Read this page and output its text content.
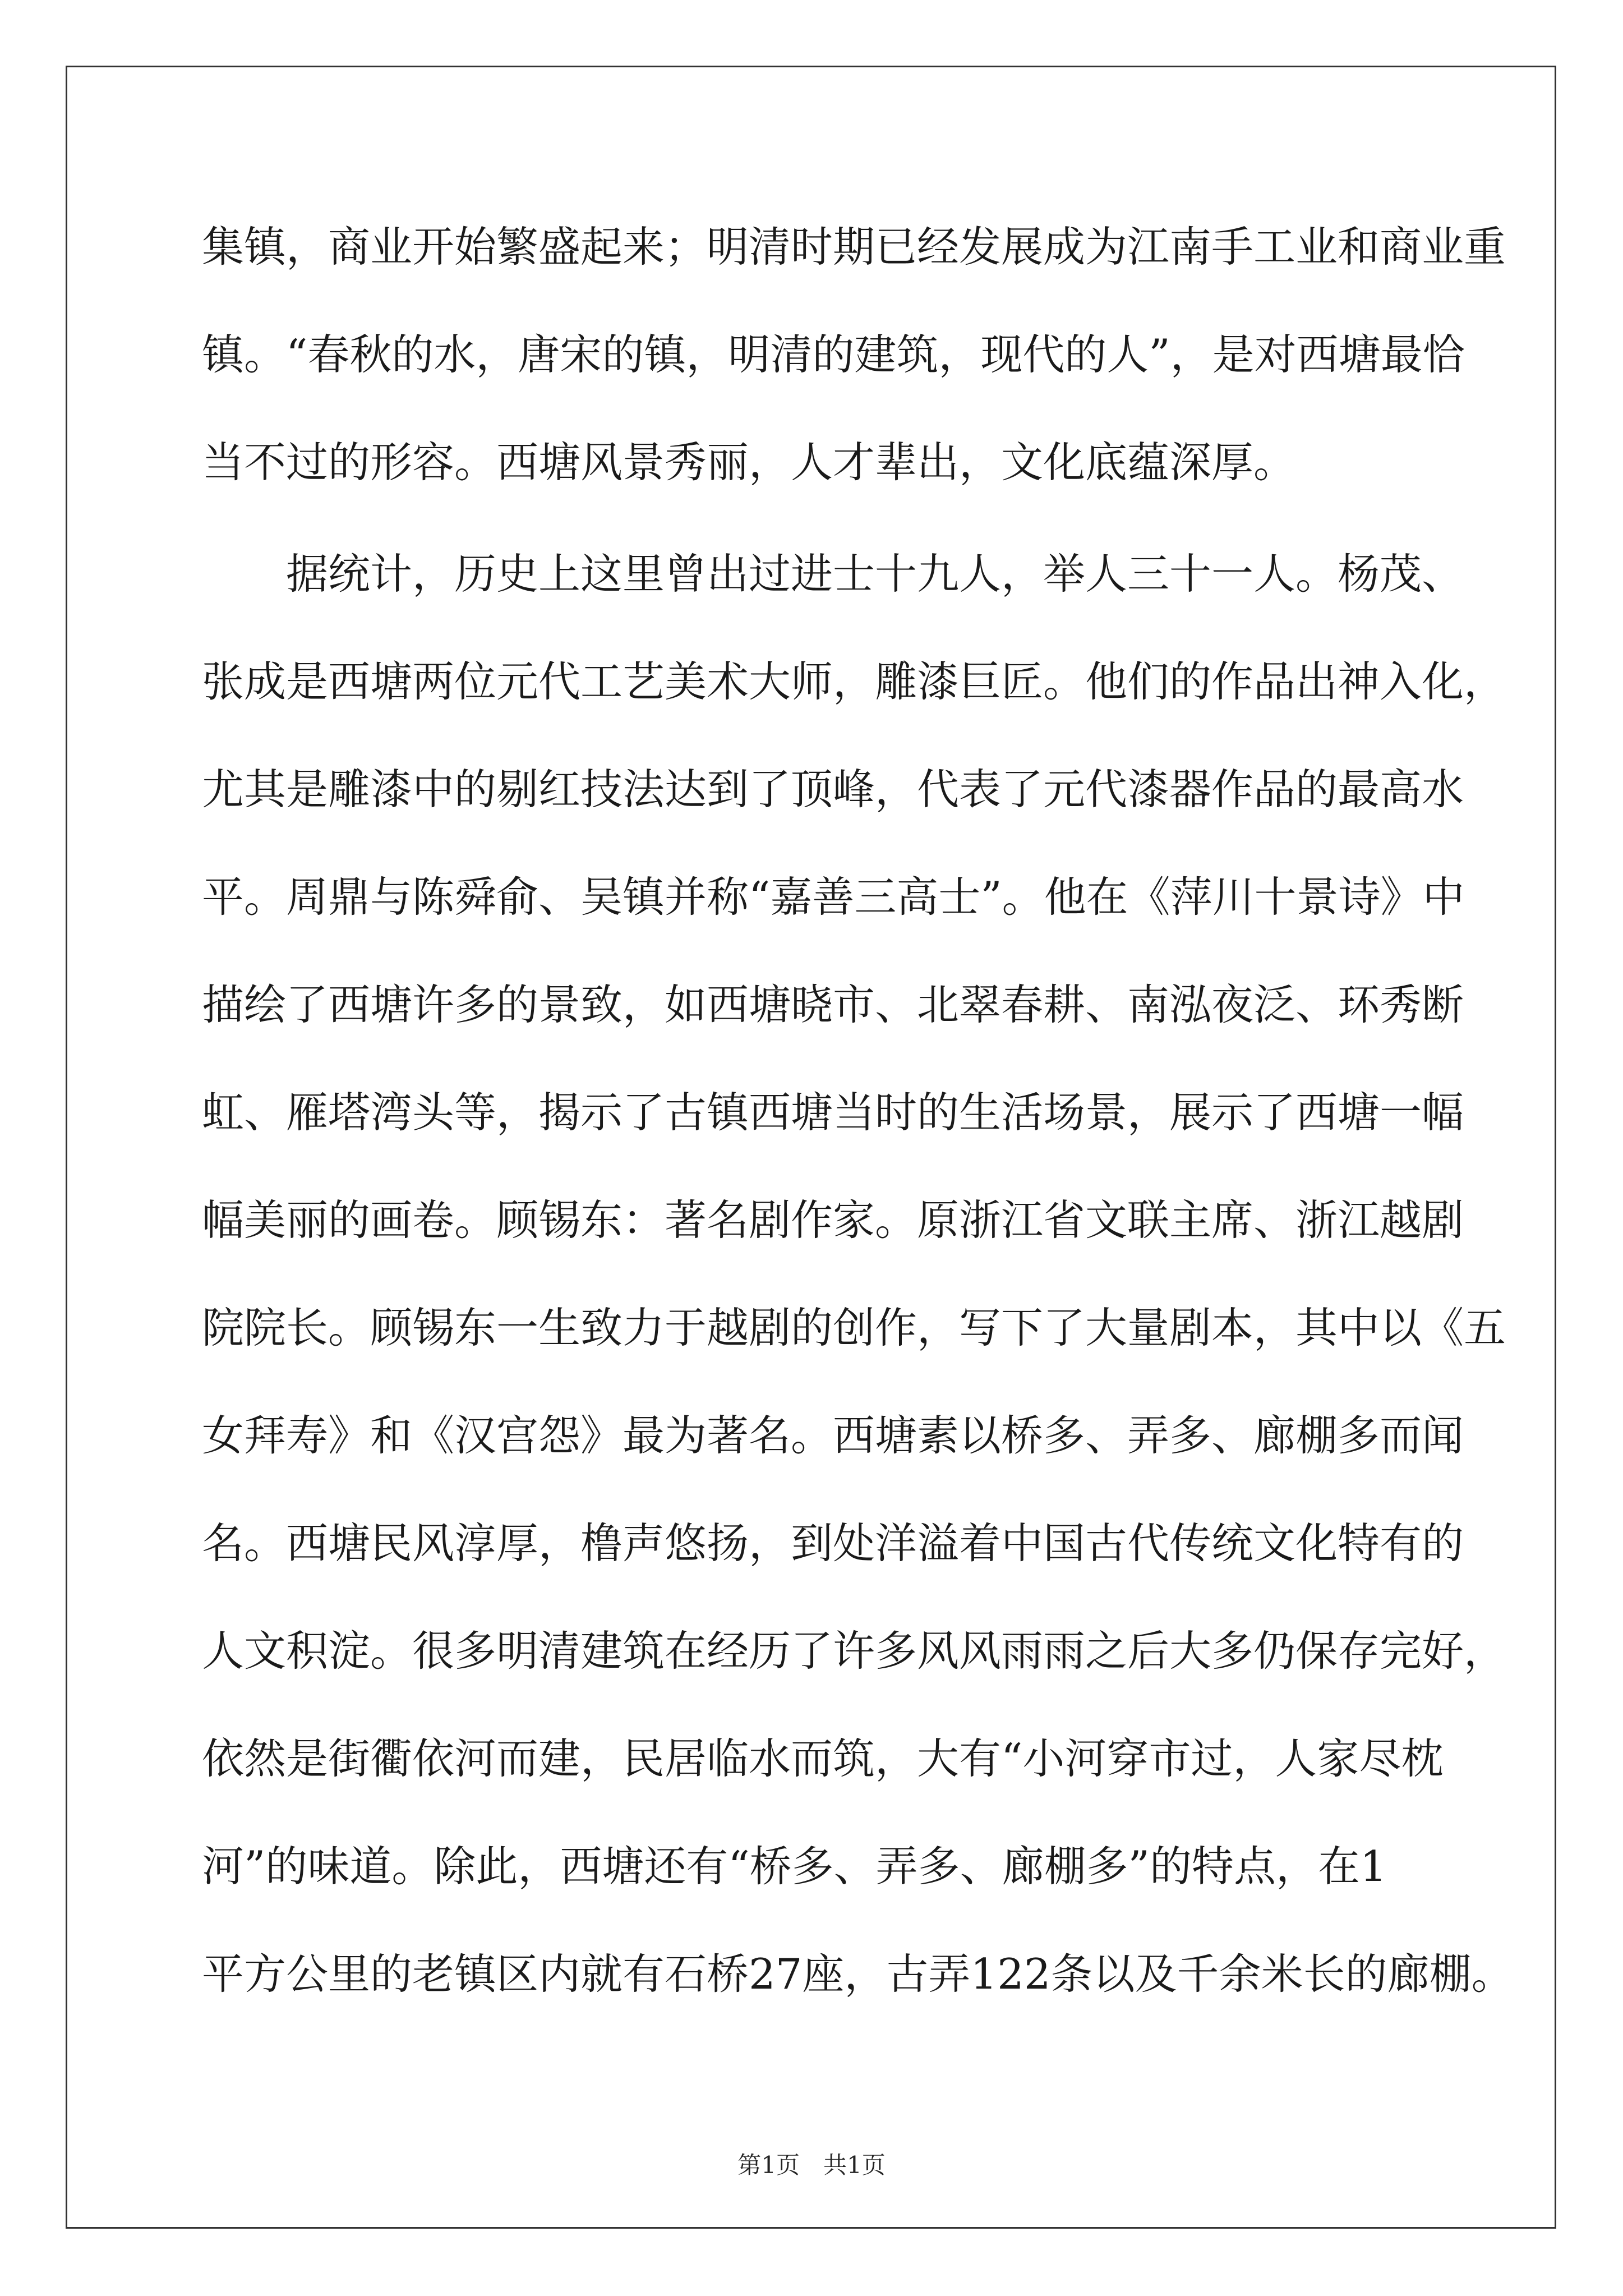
集镇，商业开始繁盛起来；明清时期已经发展成为江南手工业和商业重
镇。“春秋的水，唐宋的镇，明清的建筑，现代的人”，是对西塘最恰
当不过的形容。西塘风景秀丽，人才辈出，文化底蕴深厚。
　　据统计，历史上这里曾出过进士十九人，举人三十一人。杨茂、
张成是西塘两位元代工艺美术大师，雕漆巨匠。他们的作品出神入化，
尤其是雕漆中的剔红技法达到了顶峰，代表了元代漆器作品的最高水
平。周鼎与陈舜俞、吴镇并称“嘉善三高士”。他在《萍川十景诗》中
描绘了西塘许多的景致，如西塘晓市、北翠春耕、南泓夜泛、环秀断
虹、雁塔湾头等，揭示了古镇西塘当时的生活场景，展示了西塘一幅
幅美丽的画卷。顾锡东：著名剧作家。原浙江省文联主席、浙江越剧
院院长。顾锡东一生致力于越剧的创作，写下了大量剧本，其中以《五
女拜寿》和《汉宫怨》最为著名。西塘素以桥多、弄多、廊棚多而闻
名。西塘民风淳厚，橹声悠扬，到处洋溢着中国古代传统文化特有的
人文积淀。很多明清建筑在经历了许多风风雨雨之后大多仍保存完好，
依然是街衢依河而建，民居临水而筑，大有“小河穿市过，人家尽枕
河”的味道。除此，西塘还有“桥多、弄多、廊棚多”的特点，在1
平方公里的老镇区内就有石桥27座，古弄122条以及千余米长的廊棚。
第1页　共1页
